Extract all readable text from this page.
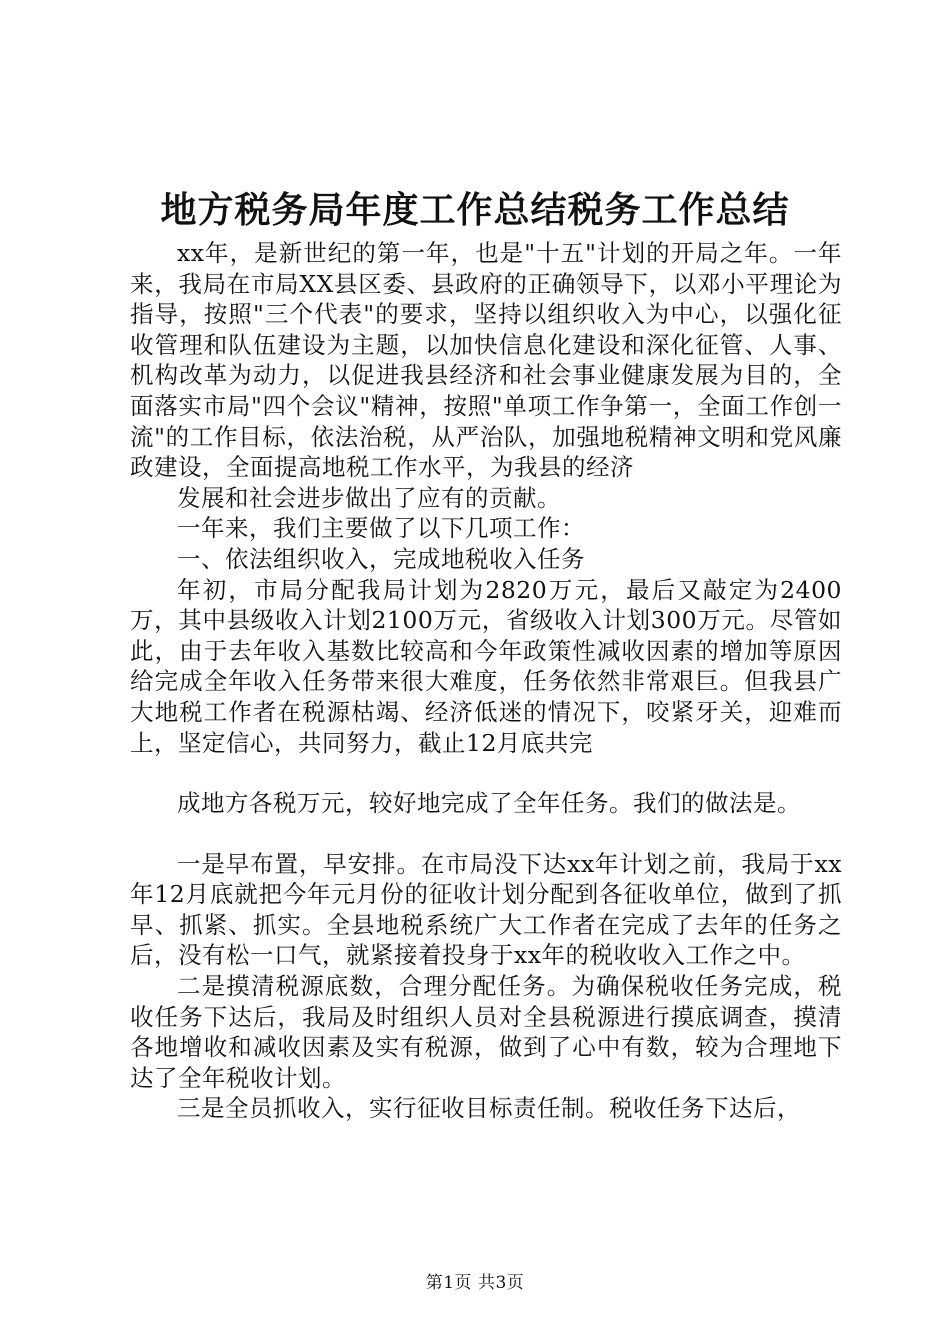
地方税务局年度工作总结税务工作总结

xx年，是新世纪的第一年，也是"十五"计划的开局之年。一年来，我局在市局XX县区委、县政府的正确领导下，以邓小平理论为指导，按照"三个代表"的要求，坚持以组织收入为中心，以强化征收管理和队伍建设为主题，以加快信息化建设和深化征管、人事、机构改革为动力，以促进我县经济和社会事业健康发展为目的，全面落实市局"四个会议"精神，按照"单项工作争第一，全面工作创一流"的工作目标，依法治税，从严治队，加强地税精神文明和党风廉政建设，全面提高地税工作水平，为我县的经济

发展和社会进步做出了应有的贡献。

一年来，我们主要做了以下几项工作：

一、依法组织收入，完成地税收入任务

年初，市局分配我局计划为2820万元，最后又敲定为2400万，其中县级收入计划2100万元，省级收入计划300万元。尽管如此，由于去年收入基数比较高和今年政策性减收因素的增加等原因给完成全年收入任务带来很大难度，任务依然非常艰巨。但我县广大地税工作者在税源枯竭、经济低迷的情况下，咬紧牙关，迎难而上，坚定信心，共同努力，截止12月底共完

成地方各税万元，较好地完成了全年任务。我们的做法是。

一是早布置，早安排。在市局没下达xx年计划之前，我局于xx年12月底就把今年元月份的征收计划分配到各征收单位，做到了抓早、抓紧、抓实。全县地税系统广大工作者在完成了去年的任务之后，没有松一口气，就紧接着投身于xx年的税收收入工作之中。

二是摸清税源底数，合理分配任务。为确保税收任务完成，税收任务下达后，我局及时组织人员对全县税源进行摸底调查，摸清各地增收和减收因素及实有税源，做到了心中有数，较为合理地下达了全年税收计划。

三是全员抓收入，实行征收目标责任制。税收任务下达后，

第1页 共3页
